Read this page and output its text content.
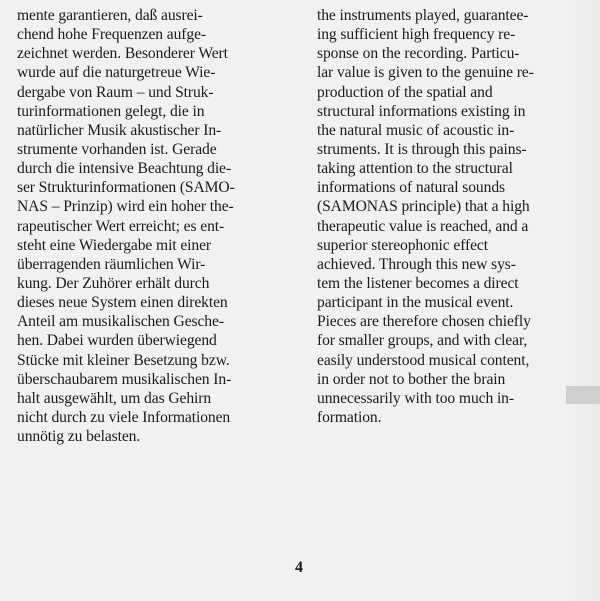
mente garantieren, daß ausrei-
chend hohe Frequenzen aufge-
zeichnet werden. Besonderer Wert
wurde auf die naturgetreue Wie-
dergabe von Raum – und Struk-
turinformationen gelegt, die in
natürlicher Musik akustischer In-
strumente vorhanden ist. Gerade
durch die intensive Beachtung die-
ser Strukturinformationen (SAMO-
NAS – Prinzip) wird ein hoher the-
rapeutischer Wert erreicht; es ent-
steht eine Wiedergabe mit einer
überragenden räumlichen Wir-
kung. Der Zuhörer erhält durch
dieses neue System einen direkten
Anteil am musikalischen Gesche-
hen. Dabei wurden überwiegend
Stücke mit kleiner Besetzung bzw.
überschaubarem musikalischen In-
halt ausgewählt, um das Gehirn
nicht durch zu viele Informationen
unnötig zu belasten.
the instruments played, guarantee-
ing sufficient high frequency re-
sponse on the recording. Particu-
lar value is given to the genuine re-
production of the spatial and
structural informations existing in
the natural music of acoustic in-
struments. It is through this pains-
taking attention to the structural
informations of natural sounds
(SAMONAS principle) that a high
therapeutic value is reached, and a
superior stereophonic effect
achieved. Through this new sys-
tem the listener becomes a direct
participant in the musical event.
Pieces are therefore chosen chiefly
for smaller groups, and with clear,
easily understood musical content,
in order not to bother the brain
unnecessarily with too much in-
formation.
4
